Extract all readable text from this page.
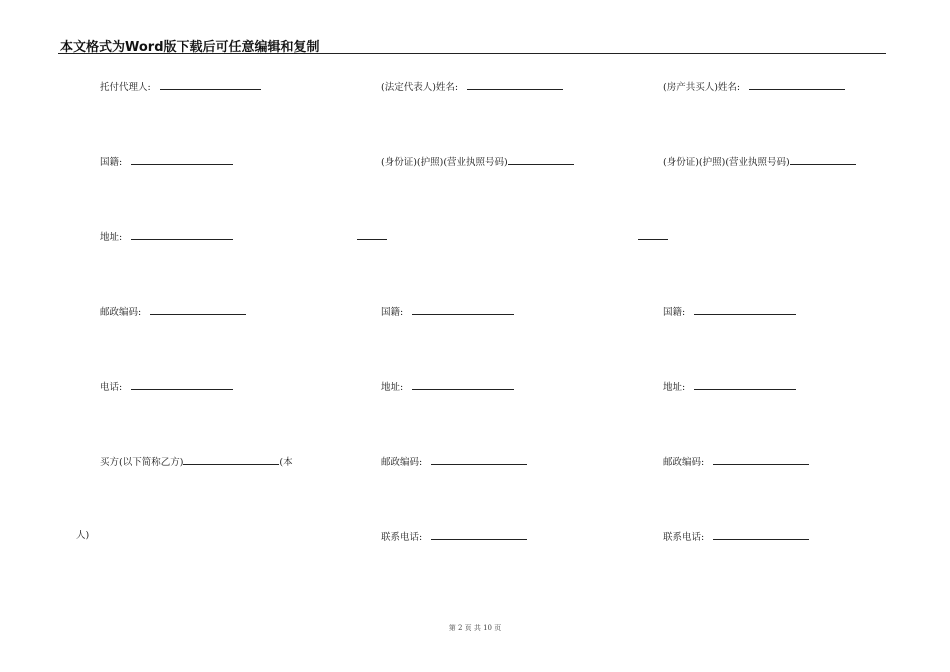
本文格式为Word版下载后可任意编辑和复制
托付代理人:
国籍:
地址:
邮政编码:
电话:
买方(以下简称乙方)	(本
人)
(法定代表人)姓名:
(身份证)(护照)(营业执照号码)
国籍:
地址:
邮政编码:
联系电话:
(房产共买人)姓名:
(身份证)(护照)(营业执照号码)
国籍:
地址:
邮政编码:
联系电话:
第 2 页 共 10 页
